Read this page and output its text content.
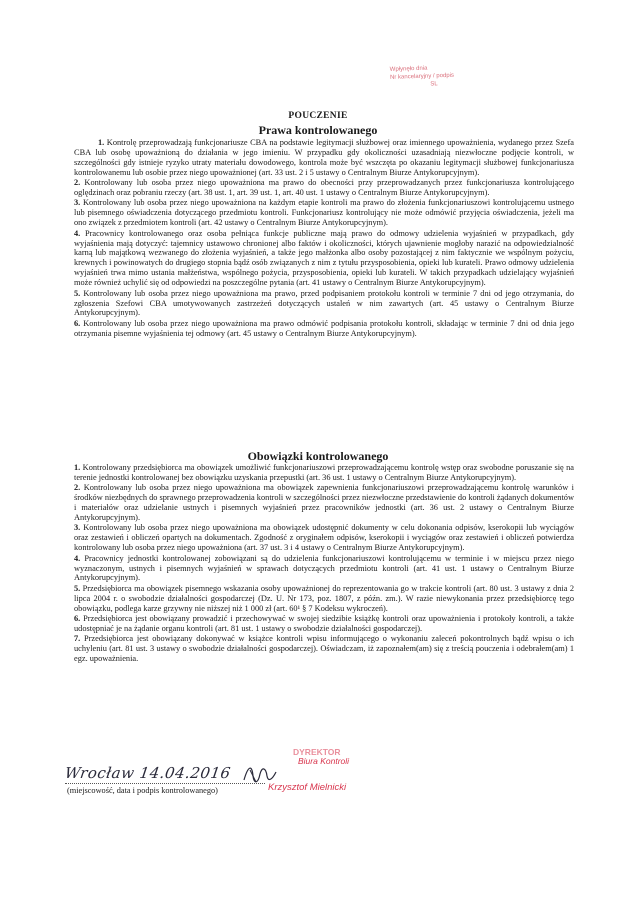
Wpłynęło dnia
Nr kancelaryjny / podpis
SL
POUCZENIE
Prawa kontrolowanego

1. Kontrolę przeprowadzają funkcjonariusze CBA na podstawie legitymacji służbowej oraz imiennego upoważnienia, wydanego przez Szefa CBA lub osobę upoważnioną do działania w jego imieniu. W przypadku gdy okoliczności uzasadniają niezwłoczne podjęcie kontroli, w szczególności gdy istnieje ryzyko utraty materiału dowodowego, kontrola może być wszczęta po okazaniu legitymacji służbowej funkcjonariusza kontrolowanemu lub osobie przez niego upoważnionej (art. 33 ust. 2 i 5 ustawy o Centralnym Biurze Antykorupcyjnym).

2. Kontrolowany lub osoba przez niego upoważniona ma prawo do obecności przy przeprowadzanych przez funkcjonariusza kontrolującego oględzinach oraz pobraniu rzeczy (art. 38 ust. 1, art. 39 ust. 1, art. 40 ust. 1 ustawy o Centralnym Biurze Antykorupcyjnym).

3. Kontrolowany lub osoba przez niego upoważniona na każdym etapie kontroli ma prawo do złożenia funkcjonariuszowi kontrolującemu ustnego lub pisemnego oświadczenia dotyczącego przedmiotu kontroli. Funkcjonariusz kontrolujący nie może odmówić przyjęcia oświadczenia, jeżeli ma ono związek z przedmiotem kontroli (art. 42 ustawy o Centralnym Biurze Antykorupcyjnym).

4. Pracownicy kontrolowanego oraz osoba pełniąca funkcje publiczne mają prawo do odmowy udzielenia wyjaśnień w przypadkach, gdy wyjaśnienia mają dotyczyć: tajemnicy ustawowo chronionej albo faktów i okoliczności, których ujawnienie mogłoby narazić na odpowiedzialność karną lub majątkową wezwanego do złożenia wyjaśnień, a także jego małżonka albo osoby pozostającej z nim faktycznie we wspólnym pożyciu, krewnych i powinowatych do drugiego stopnia bądź osób związanych z nim z tytułu przysposobienia, opieki lub kurateli. Prawo odmowy udzielenia wyjaśnień trwa mimo ustania małżeństwa, wspólnego pożycia, przysposobienia, opieki lub kurateli. W takich przypadkach udzielający wyjaśnień może również uchylić się od odpowiedzi na poszczególne pytania (art. 41 ustawy o Centralnym Biurze Antykorupcyjnym).

5. Kontrolowany lub osoba przez niego upoważniona ma prawo, przed podpisaniem protokołu kontroli w terminie 7 dni od jego otrzymania, do zgłoszenia Szefowi CBA umotywowanych zastrzeżeń dotyczących ustaleń w nim zawartych (art. 45 ustawy o Centralnym Biurze Antykorupcyjnym).

6. Kontrolowany lub osoba przez niego upoważniona ma prawo odmówić podpisania protokołu kontroli, składając w terminie 7 dni od dnia jego otrzymania pisemne wyjaśnienia tej odmowy (art. 45 ustawy o Centralnym Biurze Antykorupcyjnym).

Obowiązki kontrolowanego

1. Kontrolowany przedsiębiorca ma obowiązek umożliwić funkcjonariuszowi przeprowadzającemu kontrolę wstęp oraz swobodne poruszanie się na terenie jednostki kontrolowanej bez obowiązku uzyskania przepustki (art. 36 ust. 1 ustawy o Centralnym Biurze Antykorupcyjnym).

2. Kontrolowany lub osoba przez niego upoważniona ma obowiązek zapewnienia funkcjonariuszowi przeprowadzającemu kontrolę warunków i środków niezbędnych do sprawnego przeprowadzenia kontroli w szczególności przez niezwłoczne przedstawienie do kontroli żądanych dokumentów i materiałów oraz udzielanie ustnych i pisemnych wyjaśnień przez pracowników jednostki (art. 36 ust. 2 ustawy o Centralnym Biurze Antykorupcyjnym).

3. Kontrolowany lub osoba przez niego upoważniona ma obowiązek udostępnić dokumenty w celu dokonania odpisów, kserokopii lub wyciągów oraz zestawień i obliczeń opartych na dokumentach. Zgodność z oryginałem odpisów, kserokopii i wyciągów oraz zestawień i obliczeń potwierdza kontrolowany lub osoba przez niego upoważniona (art. 37 ust. 3 i 4 ustawy o Centralnym Biurze Antykorupcyjnym).

4. Pracownicy jednostki kontrolowanej zobowiązani są do udzielenia funkcjonariuszowi kontrolującemu w terminie i w miejscu przez niego wyznaczonym, ustnych i pisemnych wyjaśnień w sprawach dotyczących przedmiotu kontroli (art. 41 ust. 1 ustawy o Centralnym Biurze Antykorupcyjnym).

5. Przedsiębiorca ma obowiązek pisemnego wskazania osoby upoważnionej do reprezentowania go w trakcie kontroli (art. 80 ust. 3 ustawy z dnia 2 lipca 2004 r. o swobodzie działalności gospodarczej (Dz. U. Nr 173, poz. 1807, z późn. zm.). W razie niewykonania przez przedsiębiorcę tego obowiązku, podlega karze grzywny nie niższej niż 1 000 zł (art. 60¹ § 7 Kodeksu wykroczeń).

6. Przedsiębiorca jest obowiązany prowadzić i przechowywać w swojej siedzibie książkę kontroli oraz upoważnienia i protokoły kontroli, a także udostępniać je na żądanie organu kontroli (art. 81 ust. 1 ustawy o swobodzie działalności gospodarczej).

7. Przedsiębiorca jest obowiązany dokonywać w książce kontroli wpisu informującego o wykonaniu zaleceń pokontrolnych bądź wpisu o ich uchyleniu (art. 81 ust. 3 ustawy o swobodzie działalności gospodarczej). Oświadczam, iż zapoznałem(am) się z treścią pouczenia i odebrałem(am) 1 egz. upoważnienia.

Wrocław 14.04.2016
(miejscowość, data i podpis kontrolowanego)
DYREKTOR
Biura Kontroli
Krzysztof Mielnicki
